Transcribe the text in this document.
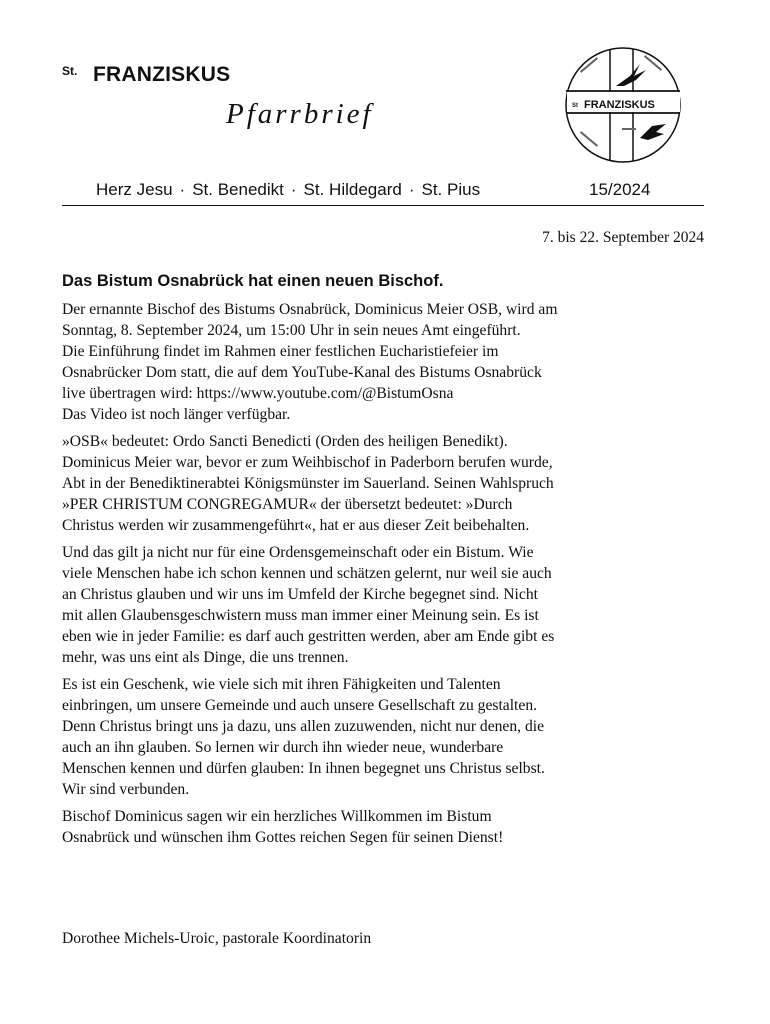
St. FRANZISKUS
Pfarrbrief	St FRANZISKUS
Herz Jesu · St. Benedikt · St. Hildegard · St. Pius	15/2024
7. bis 22. September 2024
Das Bistum Osnabrück hat einen neuen Bischof.

Der ernannte Bischof des Bistums Osnabrück, Dominicus Meier OSB, wird am
Sonntag, 8. September 2024, um 15:00 Uhr in sein neues Amt eingeführt.
Die Einführung findet im Rahmen einer festlichen Eucharistiefeier im
Osnabrücker Dom statt, die auf dem YouTube-Kanal des Bistums Osnabrück
live übertragen wird: https://www.youtube.com/@BistumOsna
Das Video ist noch länger verfügbar.

»OSB« bedeutet: Ordo Sancti Benedicti (Orden des heiligen Benedikt).
Dominicus Meier war, bevor er zum Weihbischof in Paderborn berufen wurde,
Abt in der Benediktinerabtei Königsmünster im Sauerland. Seinen Wahlspruch
»PER CHRISTUM CONGREGAMUR« der übersetzt bedeutet: »Durch
Christus werden wir zusammengeführt«, hat er aus dieser Zeit beibehalten.

Und das gilt ja nicht nur für eine Ordensgemeinschaft oder ein Bistum. Wie
viele Menschen habe ich schon kennen und schätzen gelernt, nur weil sie auch
an Christus glauben und wir uns im Umfeld der Kirche begegnet sind. Nicht
mit allen Glaubensgeschwistern muss man immer einer Meinung sein. Es ist
eben wie in jeder Familie: es darf auch gestritten werden, aber am Ende gibt es
mehr, was uns eint als Dinge, die uns trennen.

Es ist ein Geschenk, wie viele sich mit ihren Fähigkeiten und Talenten
einbringen, um unsere Gemeinde und auch unsere Gesellschaft zu gestalten.
Denn Christus bringt uns ja dazu, uns allen zuzuwenden, nicht nur denen, die
auch an ihn glauben. So lernen wir durch ihn wieder neue, wunderbare
Menschen kennen und dürfen glauben: In ihnen begegnet uns Christus selbst.
Wir sind verbunden.

Bischof Dominicus sagen wir ein herzliches Willkommen im Bistum
Osnabrück und wünschen ihm Gottes reichen Segen für seinen Dienst!

Dorothee Michels-Uroic, pastorale Koordinatorin
